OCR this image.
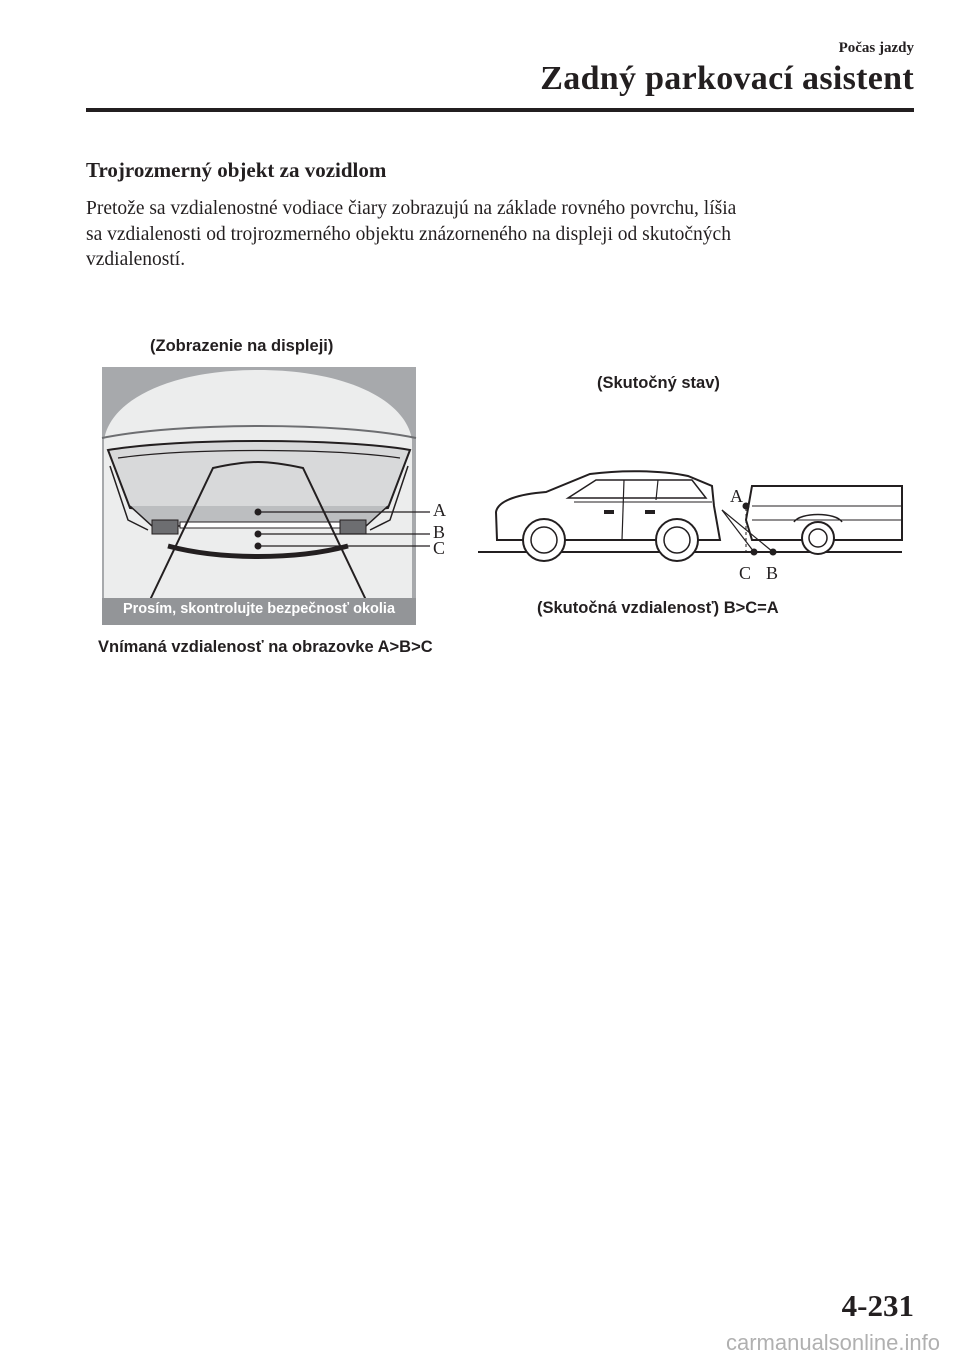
Počas jazdy
Zadný parkovací asistent
Trojrozmerný objekt za vozidlom

Pretože sa vzdialenostné vodiace čiary zobrazujú na základe rovného povrchu, líšia
sa vzdialenosti od trojrozmerného objektu znázorneného na displeji od skutočných
vzdialeností.

(Zobrazenie na displeji)
(Skutočný stav)
Prosím, skontrolujte bezpečnosť okolia	(Skutočná vzdialenosť) B>C=A
Vnímaná vzdialenosť na obrazovke A>B>C
A
B
C
A
C B
4-231
carmanualsonline.info
